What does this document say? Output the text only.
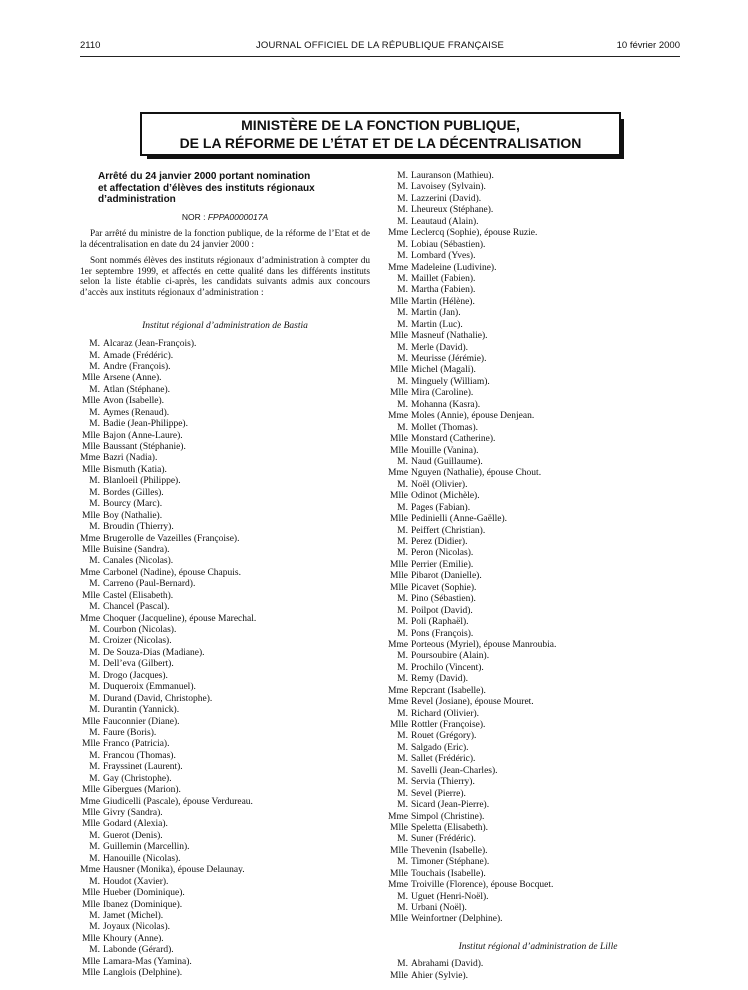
2110	JOURNAL OFFICIEL DE LA RÉPUBLIQUE FRANÇAISE	10 février 2000
MINISTÈRE DE LA FONCTION PUBLIQUE,
DE LA RÉFORME DE L’ÉTAT ET DE LA DÉCENTRALISATION
Arrêté du 24 janvier 2000 portant nomination
et affectation d’élèves des instituts régionaux
d’administration
NOR : FPPA0000017A

Par arrêté du ministre de la fonction publique, de la réforme de l’Etat et de la décentralisation en date du 24 janvier 2000 :

Sont nommés élèves des instituts régionaux d’administration à compter du 1er septembre 1999, et affectés en cette qualité dans les différents instituts selon la liste établie ci-après, les candidats suivants admis aux concours d’accès aux instituts régionaux d’administration :

Institut régional d’administration de Bastia
M. Alcaraz (Jean-François).
M. Amade (Frédéric).
M. Andre (François).
Mlle Arsene (Anne).
M. Atlan (Stéphane).
Mlle Avon (Isabelle).
M. Aymes (Renaud).
M. Badie (Jean-Philippe).
Mlle Bajon (Anne-Laure).
Mlle Baussant (Stéphanie).
Mme Bazri (Nadia).
Mlle Bismuth (Katia).
M. Blanloeil (Philippe).
M. Bordes (Gilles).
M. Bourcy (Marc).
Mlle Boy (Nathalie).
M. Broudin (Thierry).
Mme Brugerolle de Vazeilles (Françoise).
Mlle Buisine (Sandra).
M. Canales (Nicolas).
Mme Carbonel (Nadine), épouse Chapuis.
M. Carreno (Paul-Bernard).
Mlle Castel (Elisabeth).
M. Chancel (Pascal).
Mme Choquer (Jacqueline), épouse Marechal.
M. Courbon (Nicolas).
M. Croizer (Nicolas).
M. De Souza-Dias (Madiane).
M. Dell’eva (Gilbert).
M. Drogo (Jacques).
M. Duqueroix (Emmanuel).
M. Durand (David, Christophe).
M. Durantin (Yannick).
Mlle Fauconnier (Diane).
M. Faure (Boris).
Mlle Franco (Patricia).
M. Francou (Thomas).
M. Frayssinet (Laurent).
M. Gay (Christophe).
Mlle Gibergues (Marion).
Mme Giudicelli (Pascale), épouse Verdureau.
Mlle Givry (Sandra).
Mlle Godard (Alexia).
M. Guerot (Denis).
M. Guillemin (Marcellin).
M. Hanouille (Nicolas).
Mme Hausner (Monika), épouse Delaunay.
M. Houdot (Xavier).
Mlle Hueber (Dominique).
Mlle Ibanez (Dominique).
M. Jamet (Michel).
M. Joyaux (Nicolas).
Mlle Khoury (Anne).
M. Labonde (Gérard).
Mlle Lamara-Mas (Yamina).
Mlle Langlois (Delphine).
M. Lauranson (Mathieu).
M. Lavoisey (Sylvain).
M. Lazzerini (David).
M. Lheureux (Stéphane).
M. Leautaud (Alain).
Mme Leclercq (Sophie), épouse Ruzie.
M. Lobiau (Sébastien).
M. Lombard (Yves).
Mme Madeleine (Ludivine).
M. Maillet (Fabien).
M. Martha (Fabien).
Mlle Martin (Hélène).
M. Martin (Jan).
M. Martin (Luc).
Mlle Masneuf (Nathalie).
M. Merle (David).
M. Meurisse (Jérémie).
Mlle Michel (Magali).
M. Minguely (William).
Mlle Mira (Caroline).
M. Mohanna (Kasra).
Mme Moles (Annie), épouse Denjean.
M. Mollet (Thomas).
Mlle Monstard (Catherine).
Mlle Mouille (Vanina).
M. Naud (Guillaume).
Mme Nguyen (Nathalie), épouse Chout.
M. Noël (Olivier).
Mlle Odinot (Michèle).
M. Pages (Fabian).
Mlle Pedinielli (Anne-Gaëlle).
M. Peiffert (Christian).
M. Perez (Didier).
M. Peron (Nicolas).
Mlle Perrier (Emilie).
Mlle Pibarot (Danielle).
Mlle Picavet (Sophie).
M. Pino (Sébastien).
M. Poilpot (David).
M. Poli (Raphaël).
M. Pons (François).
Mme Porteous (Myriel), épouse Manroubia.
M. Poursoubire (Alain).
M. Prochilo (Vincent).
M. Remy (David).
Mme Repcrant (Isabelle).
Mme Revel (Josiane), épouse Mouret.
M. Richard (Olivier).
Mlle Rottler (Françoise).
M. Rouet (Grégory).
M. Salgado (Eric).
M. Sallet (Frédéric).
M. Savelli (Jean-Charles).
M. Servia (Thierry).
M. Sevel (Pierre).
M. Sicard (Jean-Pierre).
Mme Simpol (Christine).
Mlle Speletta (Elisabeth).
M. Suner (Frédéric).
Mlle Thevenin (Isabelle).
M. Timoner (Stéphane).
Mlle Touchais (Isabelle).
Mme Troiville (Florence), épouse Bocquet.
M. Uguet (Henri-Noël).
M. Urbani (Noël).
Mlle Weinfortner (Delphine).
Institut régional d’administration de Lille
M. Abrahami (David).
Mlle Ahier (Sylvie).
